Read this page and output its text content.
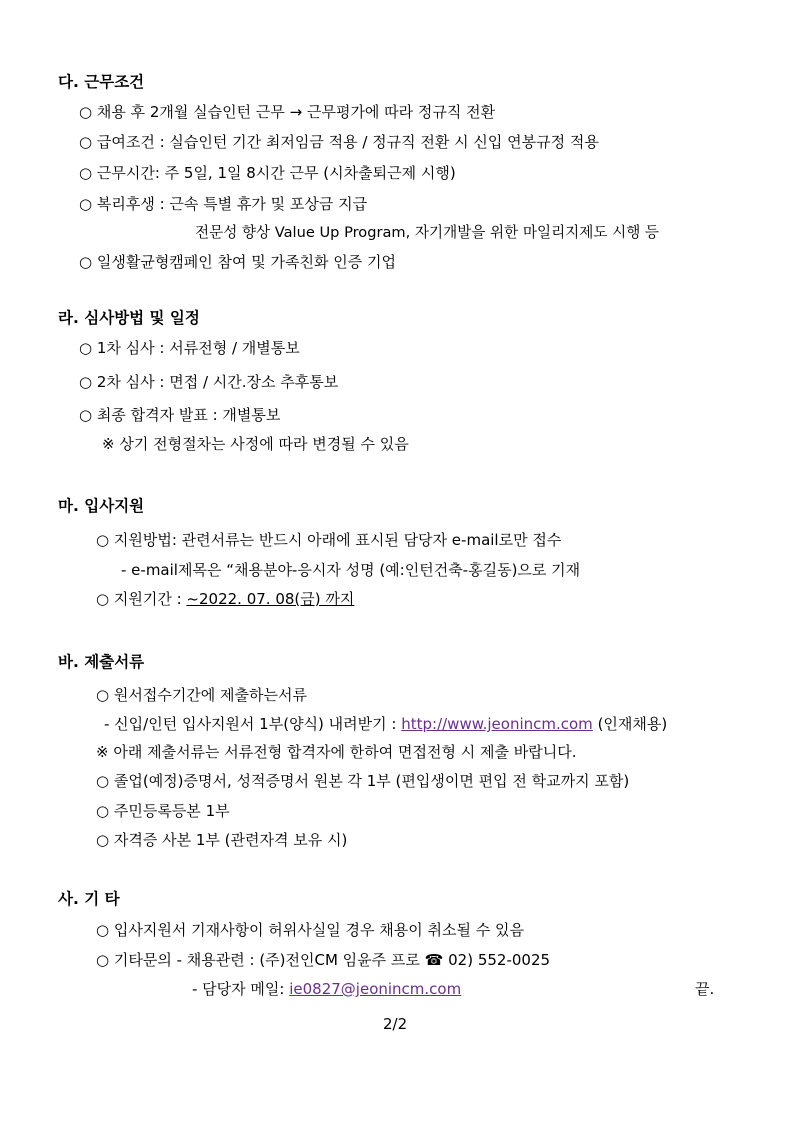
다. 근무조건
○ 채용 후 2개월 실습인턴 근무 → 근무평가에 따라 정규직 전환
○ 급여조건 : 실습인턴 기간 최저임금 적용 / 정규직 전환 시 신입 연봉규정 적용
○ 근무시간: 주 5일, 1일 8시간 근무 (시차출퇴근제 시행)
○ 복리후생 : 근속 특별 휴가 및 포상금 지급
전문성 향상 Value Up Program, 자기개발을 위한 마일리지제도 시행 등
○ 일생활균형캠페인 참여 및 가족친화 인증 기업
라. 심사방법 및 일정
○ 1차 심사 : 서류전형 / 개별통보
○ 2차 심사 : 면접 / 시간.장소 추후통보
○ 최종 합격자 발표 : 개별통보
※ 상기 전형절차는 사정에 따라 변경될 수 있음
마. 입사지원
○ 지원방법: 관련서류는 반드시 아래에 표시된 담당자 e-mail로만 접수
- e-mail제목은 “채용분야-응시자 성명 (예:인턴건축-홍길동)으로 기재
○ 지원기간 : ~2022. 07. 08(금) 까지
바. 제출서류
○ 원서접수기간에 제출하는서류
- 신입/인턴 입사지원서 1부(양식) 내려받기 : http://www.jeonincm.com (인재채용)
※ 아래 제출서류는 서류전형 합격자에 한하여 면접전형 시 제출 바랍니다.
○ 졸업(예정)증명서, 성적증명서 원본 각 1부 (편입생이면 편입 전 학교까지 포함)
○ 주민등록등본 1부
○ 자격증 사본 1부 (관련자격 보유 시)
사. 기 타
○ 입사지원서 기재사항이 허위사실일 경우 채용이 취소될 수 있음
○ 기타문의 - 채용관련 : (주)전인CM 임윤주 프로 ☎ 02) 552-0025
- 담당자 메일: ie0827@jeonincm.com	끝.
2/2
